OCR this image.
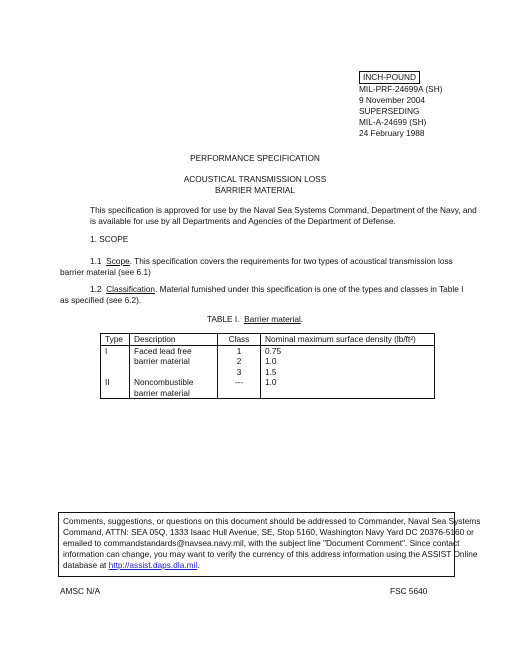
INCH-POUND
MIL-PRF-24699A (SH)
9 November 2004
SUPERSEDING
MIL-A-24699 (SH)
24 February 1988
PERFORMANCE SPECIFICATION
ACOUSTICAL TRANSMISSION LOSS
BARRIER MATERIAL
This specification is approved for use by the Naval Sea Systems Command, Department of the Navy, and
is available for use by all Departments and Agencies of the Department of Defense.
1. SCOPE
1.1 Scope. This specification covers the requirements for two types of acoustical transmission loss
barrier material (see 6.1)
1.2 Classification. Material furnished under this specification is one of the types and classes in Table I
as specified (see 6.2).
TABLE I. Barrier material.
Type	Description	Class	Nominal maximum surface density (lb/ft²)
I	Faced lead free	1	0.75
	barrier material	2	1.0
		3	1.5
II	Noncombustible	---	1.0
	barrier material		
Comments, suggestions, or questions on this document should be addressed to Commander, Naval Sea Systems
Command, ATTN: SEA 05Q, 1333 Isaac Hull Avenue, SE, Stop 5160, Washington Navy Yard DC 20376-5160 or
emailed to commandstandards@navsea.navy.mil, with the subject line "Document Comment". Since contact
information can change, you may want to verify the currency of this address information using the ASSIST Online
database at http://assist.daps.dla.mil.
AMSC N/A	FSC 5640
